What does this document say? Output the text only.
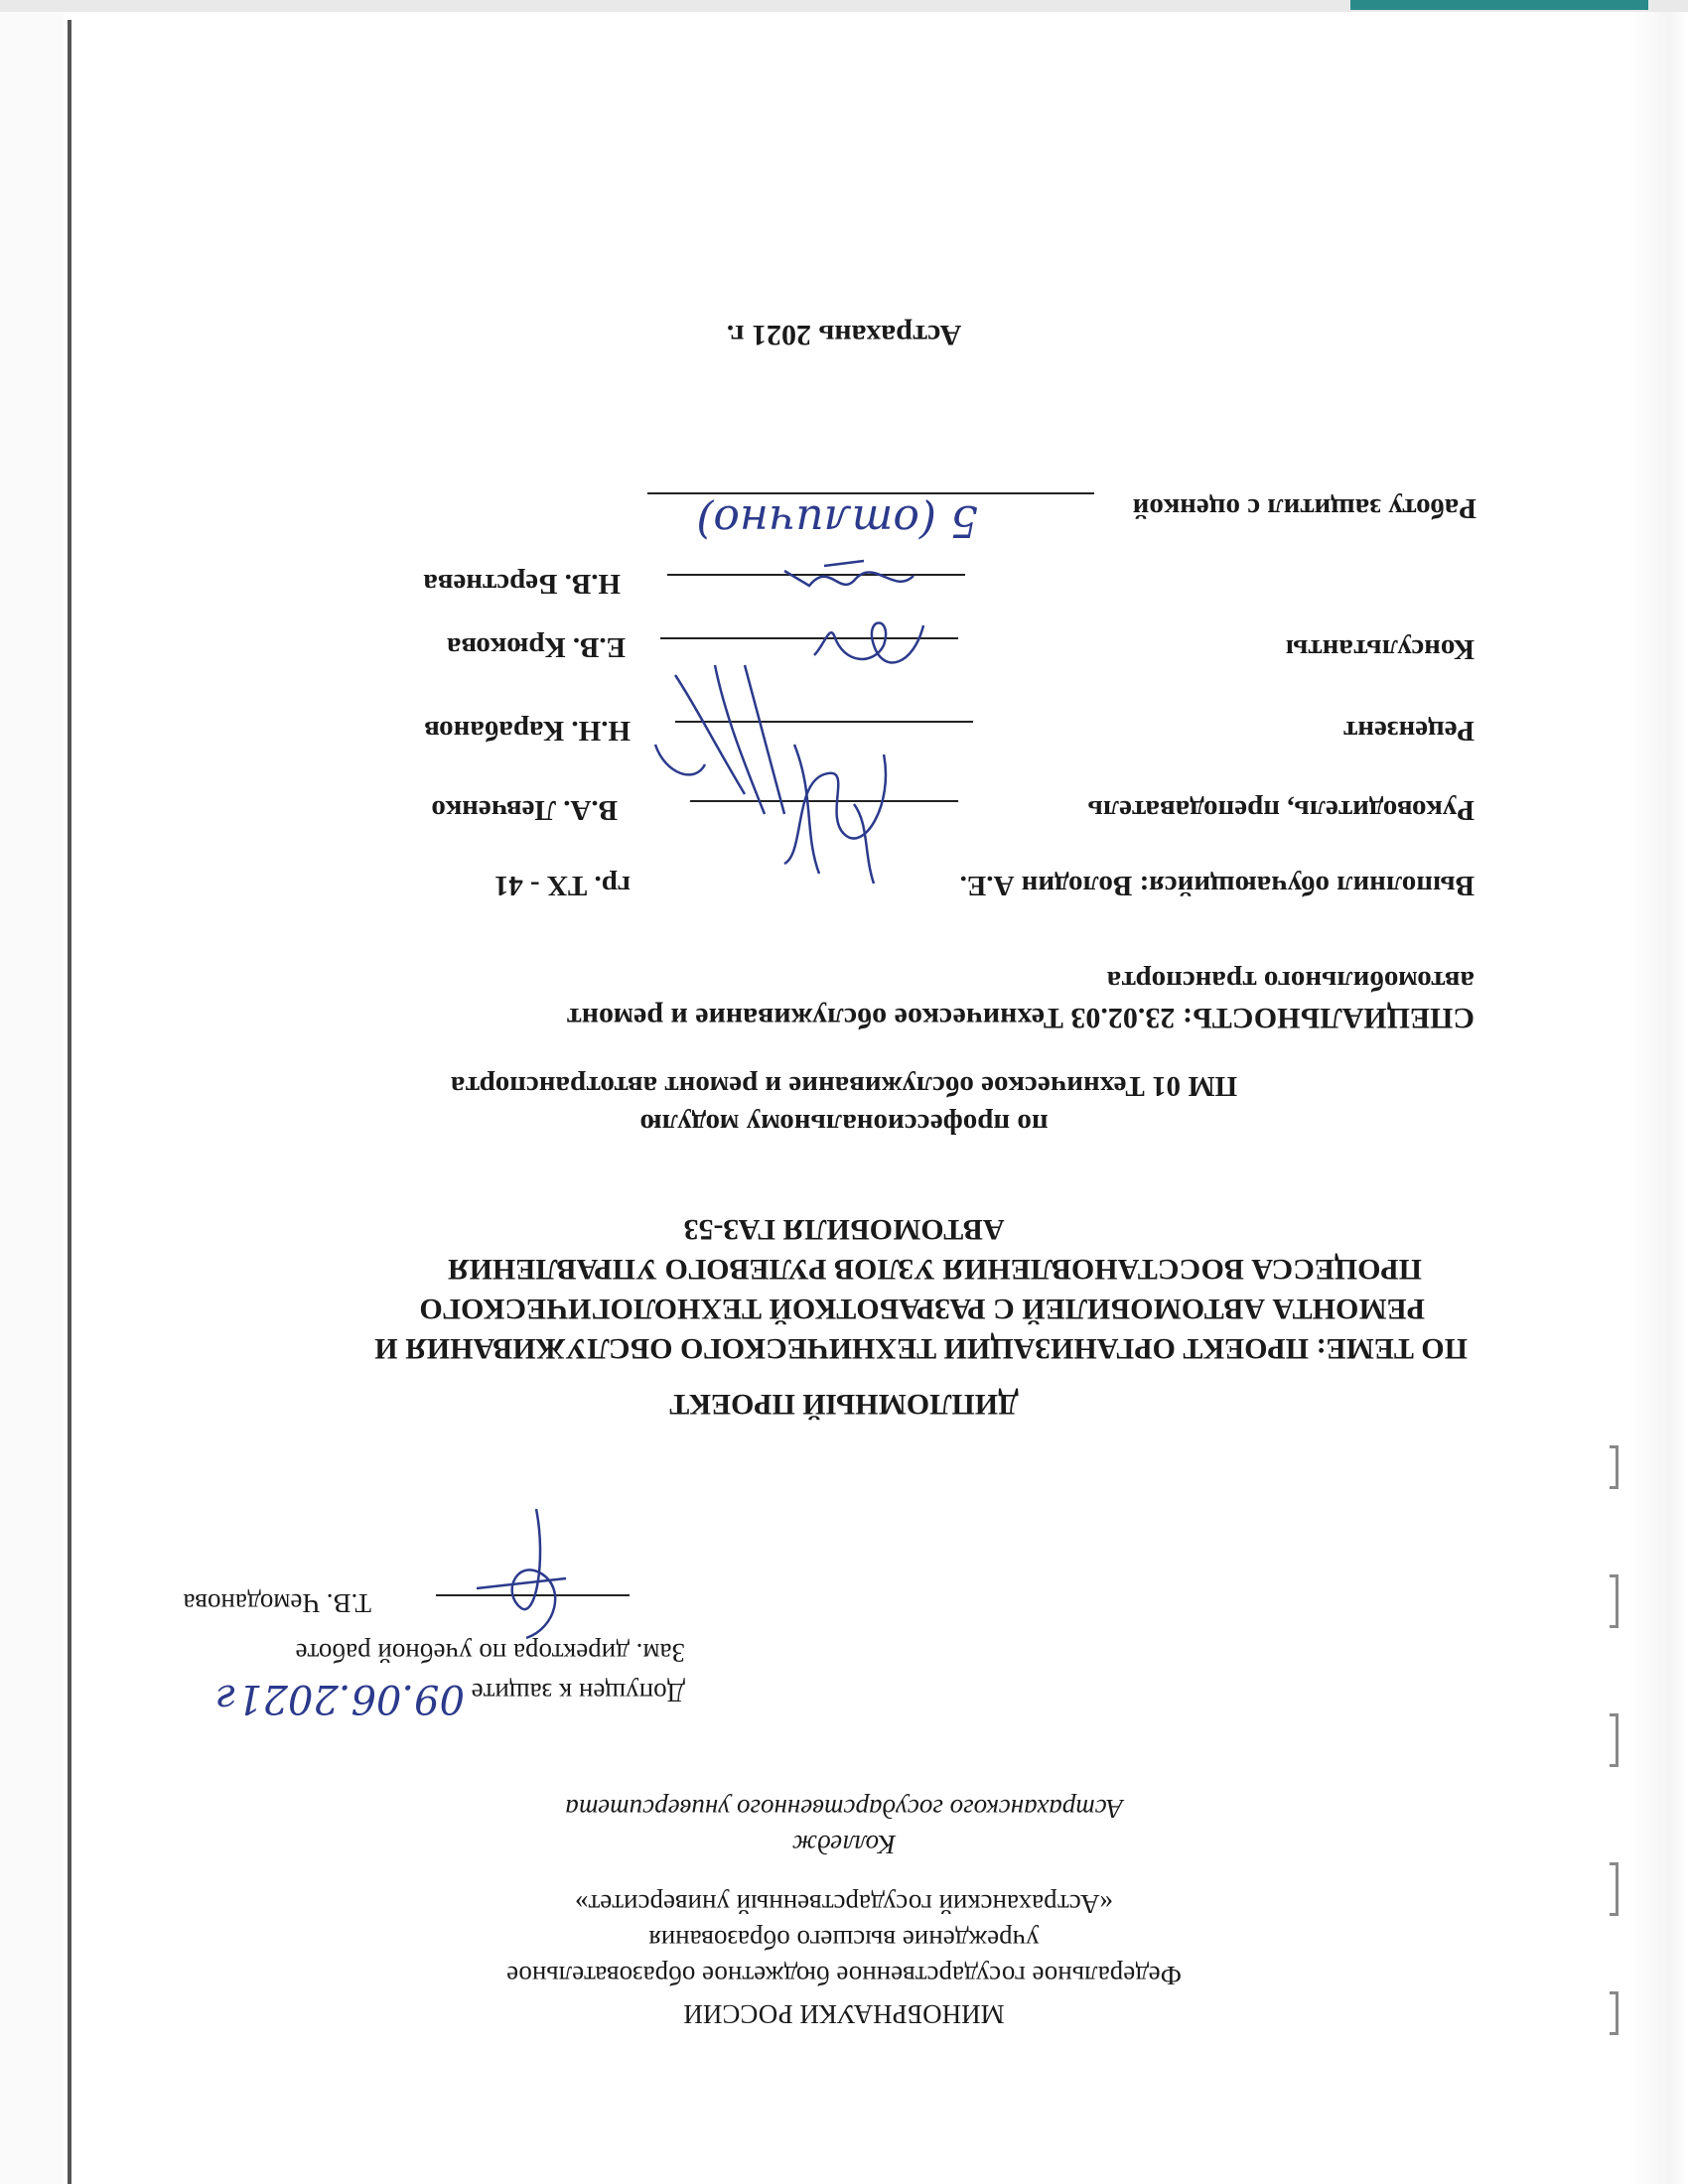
МИНОБРНАУКИ РОССИИ
Федеральное государственное бюджетное образовательное
учреждение высшего образования
«Астраханский государственный университет»
Колледж
Астраханского государственного университета
Допущен к защите
09.06.2021г
Зам. директора по учебной работе
Т.В. Чемоданова
ДИПЛОМНЫЙ ПРОЕКТ
ПО ТЕМЕ: ПРОЕКТ ОРГАНИЗАЦИИ ТЕХНИЧЕСКОГО ОБСЛУЖИВАНИЯ И
РЕМОНТА АВТОМОБИЛЕЙ С РАЗРАБОТКОЙ ТЕХНОЛОГИЧЕСКОГО
ПРОЦЕССА ВОССТАНОВЛЕНИЯ УЗЛОВ РУЛЕВОГО УПРАВЛЕНИЯ
АВТОМОБИЛЯ ГАЗ-53
по профессиональному модулю
ПМ 01 Техническое обслуживание и ремонт автотранспорта
СПЕЦИАЛЬНОСТЬ: 23.02.03 Техническое обслуживание и ремонт
автомобильного транспорта
Выполнил обучающийся: Володин А.Е.
гр. ТХ - 41
Руководитель, преподаватель
В.А. Левченко
Рецензент
Н.Н. Карабанов
Консультанты
Е.В. Крюкова
Н.В. Берстнева
Работу защитил с оценкой
5 (отлично)
Астрахань 2021 г.
